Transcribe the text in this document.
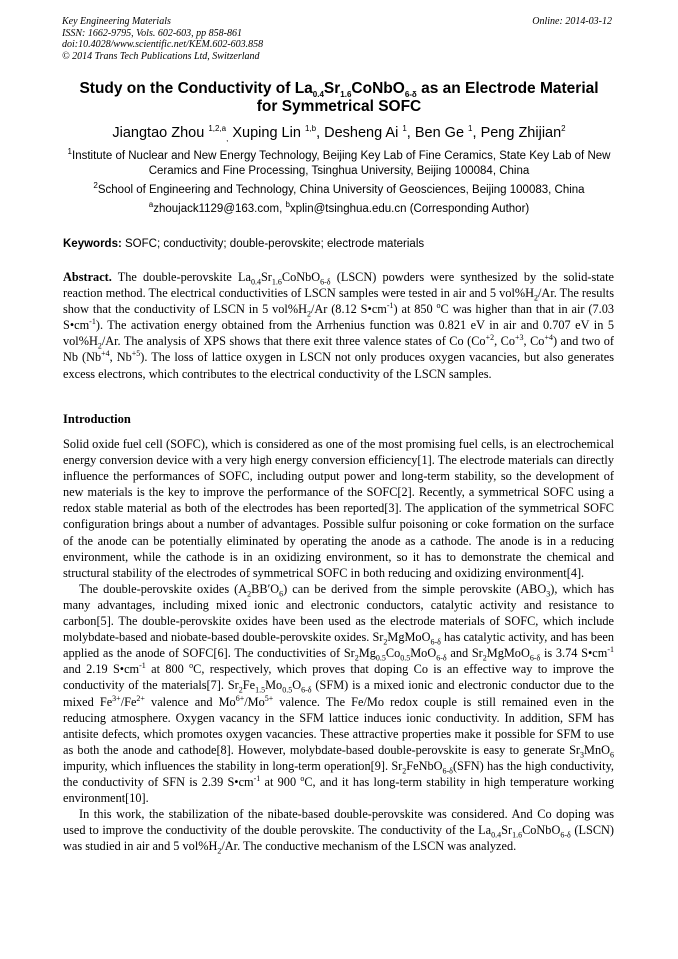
Key Engineering Materials
ISSN: 1662-9795, Vols. 602-603, pp 858-861
doi:10.4028/www.scientific.net/KEM.602-603.858
© 2014 Trans Tech Publications Ltd, Switzerland
Online: 2014-03-12
Study on the Conductivity of $La_{0.4}Sr_{1.6}CoNbO_{6-\delta}$ as an Electrode Material
for Symmetrical SOFC
Jiangtao Zhou $^{1,2,a}_,$ Xuping Lin $^{1,b}$, Desheng Ai $^1$, Ben Ge $^1$, Peng Zhijian$^2$
$^1$Institute of Nuclear and New Energy Technology, Beijing Key Lab of Fine Ceramics, State Key Lab of New Ceramics and Fine Processing, Tsinghua University, Beijing 100084, China
$^2$School of Engineering and Technology, China University of Geosciences, Beijing 100083, China
$^a$zhoujack1129@163.com, $^b$xplin@tsinghua.edu.cn (Corresponding Author)
Keywords: SOFC; conductivity; double-perovskite; electrode materials

Abstract. The double-perovskite $La_{0.4}Sr_{1.6}CoNbO_{6-\delta}$ (LSCN) powders were synthesized by the solid-state reaction method. The electrical conductivities of LSCN samples were tested in air and 5 $vol\%H_2/Ar$. The results show that the conductivity of LSCN in 5 $vol\%H_2/Ar$ (8.12 $S•cm^{-1}$) at 850 $^o$C was higher than that in air (7.03 $S•cm^{-1}$). The activation energy obtained from the Arrhenius function was 0.821 eV in air and 0.707 eV in 5 $vol\%H_2/Ar$. The analysis of XPS shows that there exit three valence states of Co ($Co^{+2}$, $Co^{+3}$, $Co^{+4}$) and two of Nb ($Nb^{+4}$, $Nb^{+5}$). The loss of lattice oxygen in LSCN not only produces oxygen vacancies, but also generates excess electrons, which contributes to the electrical conductivity of the LSCN samples.

Introduction

Solid oxide fuel cell (SOFC), which is considered as one of the most promising fuel cells, is an electrochemical energy conversion device with a very high energy conversion efficiency[1]. The electrode materials can directly influence the performances of SOFC, including output power and long-term stability, so the development of new materials is the key to improve the performance of the SOFC[2]. Recently, a symmetrical SOFC using a redox stable material as both of the electrodes has been reported[3]. The application of the symmetrical SOFC configuration brings about a number of advantages. Possible sulfur poisoning or coke formation on the surface of the anode can be potentially eliminated by operating the anode as a cathode. The anode is in a reducing environment, while the cathode is in an oxidizing environment, so it has to demonstrate the chemical and structural stability of the electrodes of symmetrical SOFC in both reducing and oxidizing environment[4].

The double-perovskite oxides $(A_2BB'O_6)$ can be derived from the simple perovskite $(ABO_3)$, which has many advantages, including mixed ionic and electronic conductors, catalytic activity and resistance to carbon[5]. The double-perovskite oxides have been used as the electrode materials of SOFC, which include molybdate-based and niobate-based double-perovskite oxides. $Sr_2MgMoO_{6-\delta}$ has catalytic activity, and has been applied as the anode of SOFC[6]. The conductivities of $Sr_2Mg_{0.5}Co_{0.5}MoO_{6-\delta}$ and $Sr_2MgMoO_{6-\delta}$ is 3.74 $S•cm^{-1}$ and 2.19 $S•cm^{-1}$ at 800 $^o$C, respectively, which proves that doping Co is an effective way to improve the conductivity of the materials[7]. $Sr_2Fe_{1.5}Mo_{0.5}O_{6-\delta}$ (SFM) is a mixed ionic and electronic conductor due to the mixed $Fe^{3+}/Fe^{2+}$ valence and $Mo^{6+}/Mo^{5+}$ valence. The Fe/Mo redox couple is still remained even in the reducing atmosphere. Oxygen vacancy in the SFM lattice induces ionic conductivity. In addition, SFM has antisite defects, which promotes oxygen vacancies. These attractive properties make it possible for SFM to use as both the anode and cathode[8]. However, molybdate-based double-perovskite is easy to generate $Sr_3MnO_6$ impurity, which influences the stability in long-term operation[9]. $Sr_2FeNbO_{6-\delta}(SFN)$ has the high conductivity, the conductivity of SFN is 2.39 $S•cm^{-1}$ at 900 $^o$C, and it has long-term stability in high temperature working environment[10].

In this work, the stabilization of the nibate-based double-perovskite was considered. And Co doping was used to improve the conductivity of the double perovskite. The conductivity of the $La_{0.4}Sr_{1.6}CoNbO_{6-\delta}$ (LSCN) was studied in air and 5 $vol\%H_2/Ar$. The conductive mechanism of the LSCN was analyzed.
